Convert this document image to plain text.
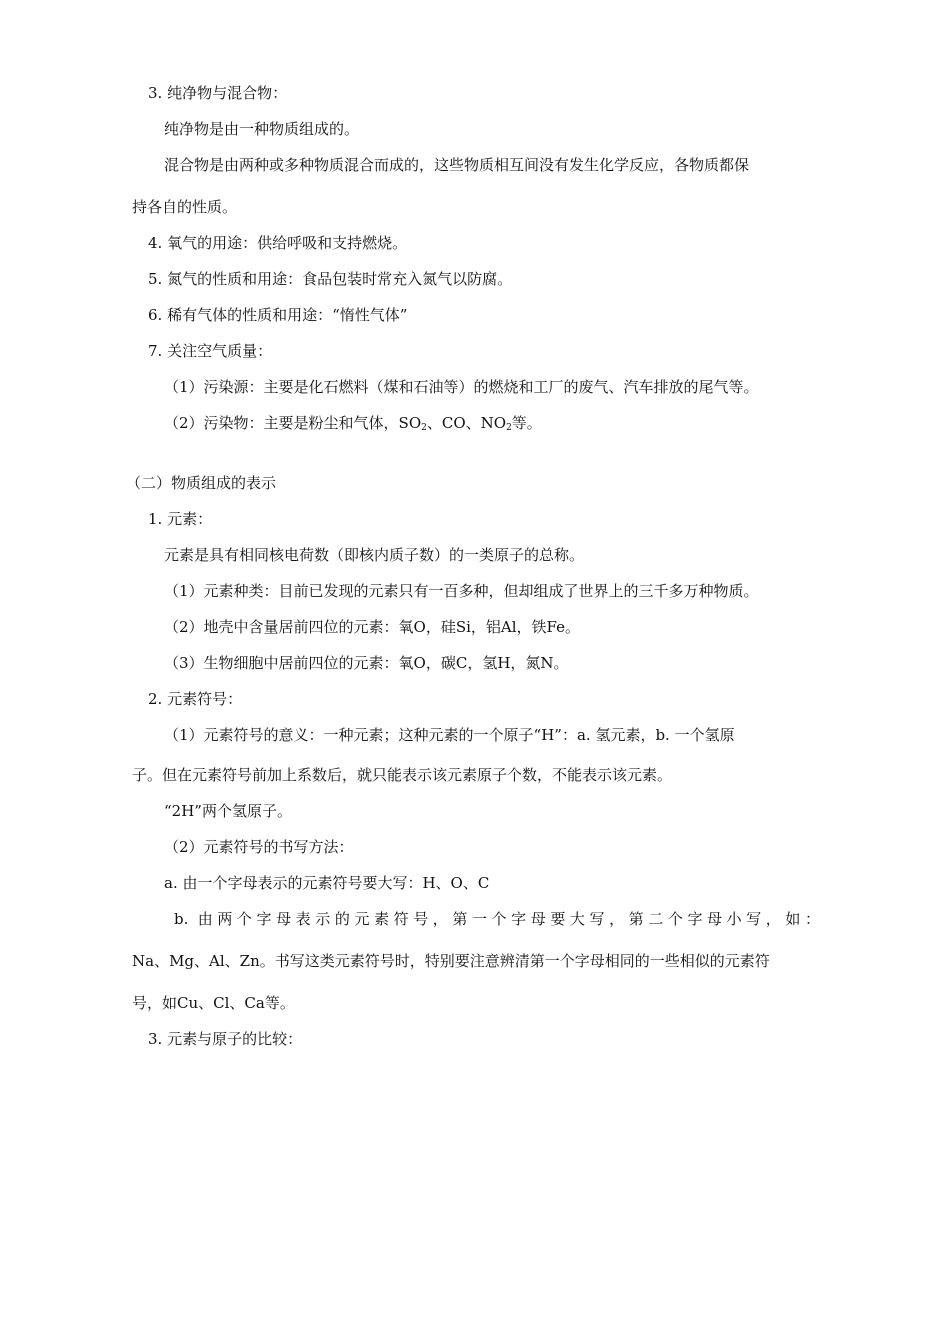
3. 纯净物与混合物：
纯净物是由一种物质组成的。
混合物是由两种或多种物质混合而成的，这些物质相互间没有发生化学反应，各物质都保
持各自的性质。
4. 氧气的用途：供给呼吸和支持燃烧。
5. 氮气的性质和用途：食品包装时常充入氮气以防腐。
6. 稀有气体的性质和用途：“惰性气体”
7. 关注空气质量：
（1）污染源：主要是化石燃料（煤和石油等）的燃烧和工厂的废气、汽车排放的尾气等。
（2）污染物：主要是粉尘和气体，$SO_2$、CO、$NO_2$等。
（二）物质组成的表示
1. 元素：
元素是具有相同核电荷数（即核内质子数）的一类原子的总称。
（1）元素种类：目前已发现的元素只有一百多种，但却组成了世界上的三千多万种物质。
（2）地壳中含量居前四位的元素：氧O，硅Si，铝Al，铁Fe。
（3）生物细胞中居前四位的元素：氧O，碳C，氢H，氮N。
2. 元素符号：
（1）元素符号的意义：一种元素；这种元素的一个原子“H”：a. 氢元素，b. 一个氢原
子。但在元素符号前加上系数后，就只能表示该元素原子个数，不能表示该元素。
“2H”两个氢原子。
（2）元素符号的书写方法：
a. 由一个字母表示的元素符号要大写：H、O、C
b. 由两个字母表示的元素符号，第一个字母要大写，第二个字母小写，如：
Na、Mg、Al、Zn。书写这类元素符号时，特别要注意辨清第一个字母相同的一些相似的元素符
号，如Cu、Cl、Ca等。
3. 元素与原子的比较：
